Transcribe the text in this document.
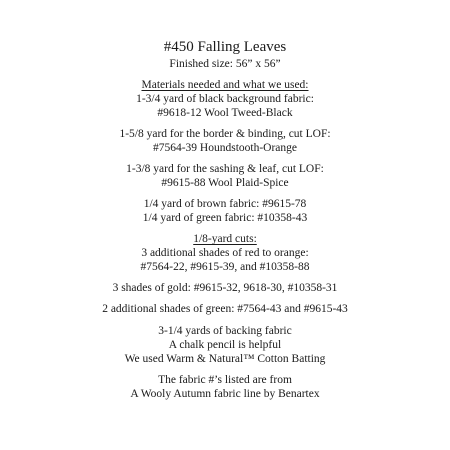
#450 Falling Leaves
Finished size: 56” x 56”
Materials needed and what we used:
1-3/4 yard of black background fabric:
#9618-12 Wool Tweed-Black
1-5/8 yard for the border & binding, cut LOF:
#7564-39 Houndstooth-Orange
1-3/8 yard for the sashing & leaf, cut LOF:
#9615-88 Wool Plaid-Spice
1/4 yard of brown fabric: #9615-78
1/4 yard of green fabric: #10358-43
1/8-yard cuts:
3 additional shades of red to orange:
#7564-22, #9615-39, and #10358-88
3 shades of gold: #9615-32, 9618-30, #10358-31
2 additional shades of green: #7564-43 and #9615-43
3-1/4 yards of backing fabric
A chalk pencil is helpful
We used Warm & Natural™ Cotton Batting
The fabric #’s listed are from
A Wooly Autumn fabric line by Benartex
